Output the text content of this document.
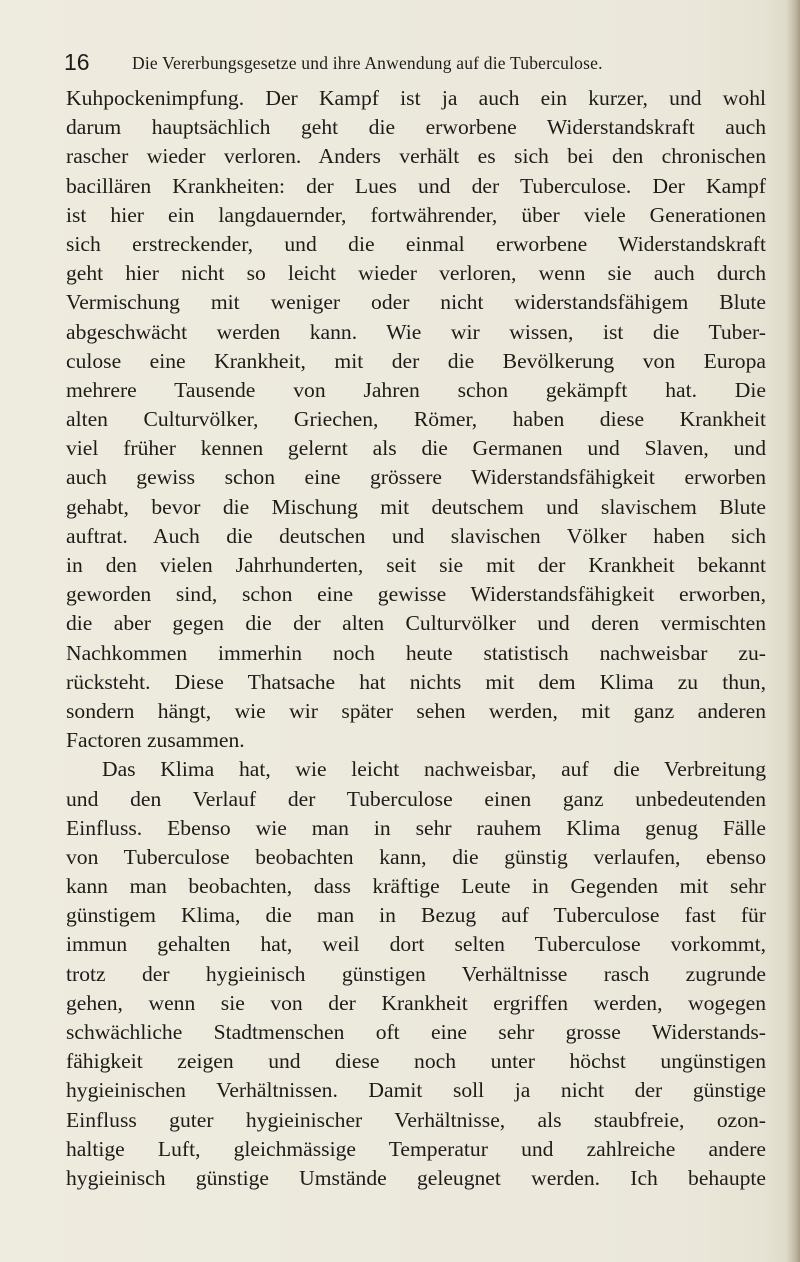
16 Die Vererbungsgesetze und ihre Anwendung auf die Tuberculose.
Kuhpockenimpfung. Der Kampf ist ja auch ein kurzer, und wohl
darum hauptsächlich geht die erworbene Widerstandskraft auch
rascher wieder verloren. Anders verhält es sich bei den chronischen
bacillären Krankheiten: der Lues und der Tuberculose. Der Kampf
ist hier ein langdauernder, fortwährender, über viele Generationen
sich erstreckender, und die einmal erworbene Widerstandskraft
geht hier nicht so leicht wieder verloren, wenn sie auch durch
Vermischung mit weniger oder nicht widerstandsfähigem Blute
abgeschwächt werden kann. Wie wir wissen, ist die Tuber-
culose eine Krankheit, mit der die Bevölkerung von Europa
mehrere Tausende von Jahren schon gekämpft hat. Die
alten Culturvölker, Griechen, Römer, haben diese Krankheit
viel früher kennen gelernt als die Germanen und Slaven, und
auch gewiss schon eine grössere Widerstandsfähigkeit erworben
gehabt, bevor die Mischung mit deutschem und slavischem Blute
auftrat. Auch die deutschen und slavischen Völker haben sich
in den vielen Jahrhunderten, seit sie mit der Krankheit bekannt
geworden sind, schon eine gewisse Widerstandsfähigkeit erworben,
die aber gegen die der alten Culturvölker und deren vermischten
Nachkommen immerhin noch heute statistisch nachweisbar zu-
rücksteht. Diese Thatsache hat nichts mit dem Klima zu thun,
sondern hängt, wie wir später sehen werden, mit ganz anderen
Factoren zusammen.
Das Klima hat, wie leicht nachweisbar, auf die Verbreitung
und den Verlauf der Tuberculose einen ganz unbedeutenden
Einfluss. Ebenso wie man in sehr rauhem Klima genug Fälle
von Tuberculose beobachten kann, die günstig verlaufen, ebenso
kann man beobachten, dass kräftige Leute in Gegenden mit sehr
günstigem Klima, die man in Bezug auf Tuberculose fast für
immun gehalten hat, weil dort selten Tuberculose vorkommt,
trotz der hygieinisch günstigen Verhältnisse rasch zugrunde
gehen, wenn sie von der Krankheit ergriffen werden, wogegen
schwächliche Stadtmenschen oft eine sehr grosse Widerstands-
fähigkeit zeigen und diese noch unter höchst ungünstigen
hygieinischen Verhältnissen. Damit soll ja nicht der günstige
Einfluss guter hygieinischer Verhältnisse, als staubfreie, ozon-
haltige Luft, gleichmässige Temperatur und zahlreiche andere
hygieinisch günstige Umstände geleugnet werden. Ich behaupte
